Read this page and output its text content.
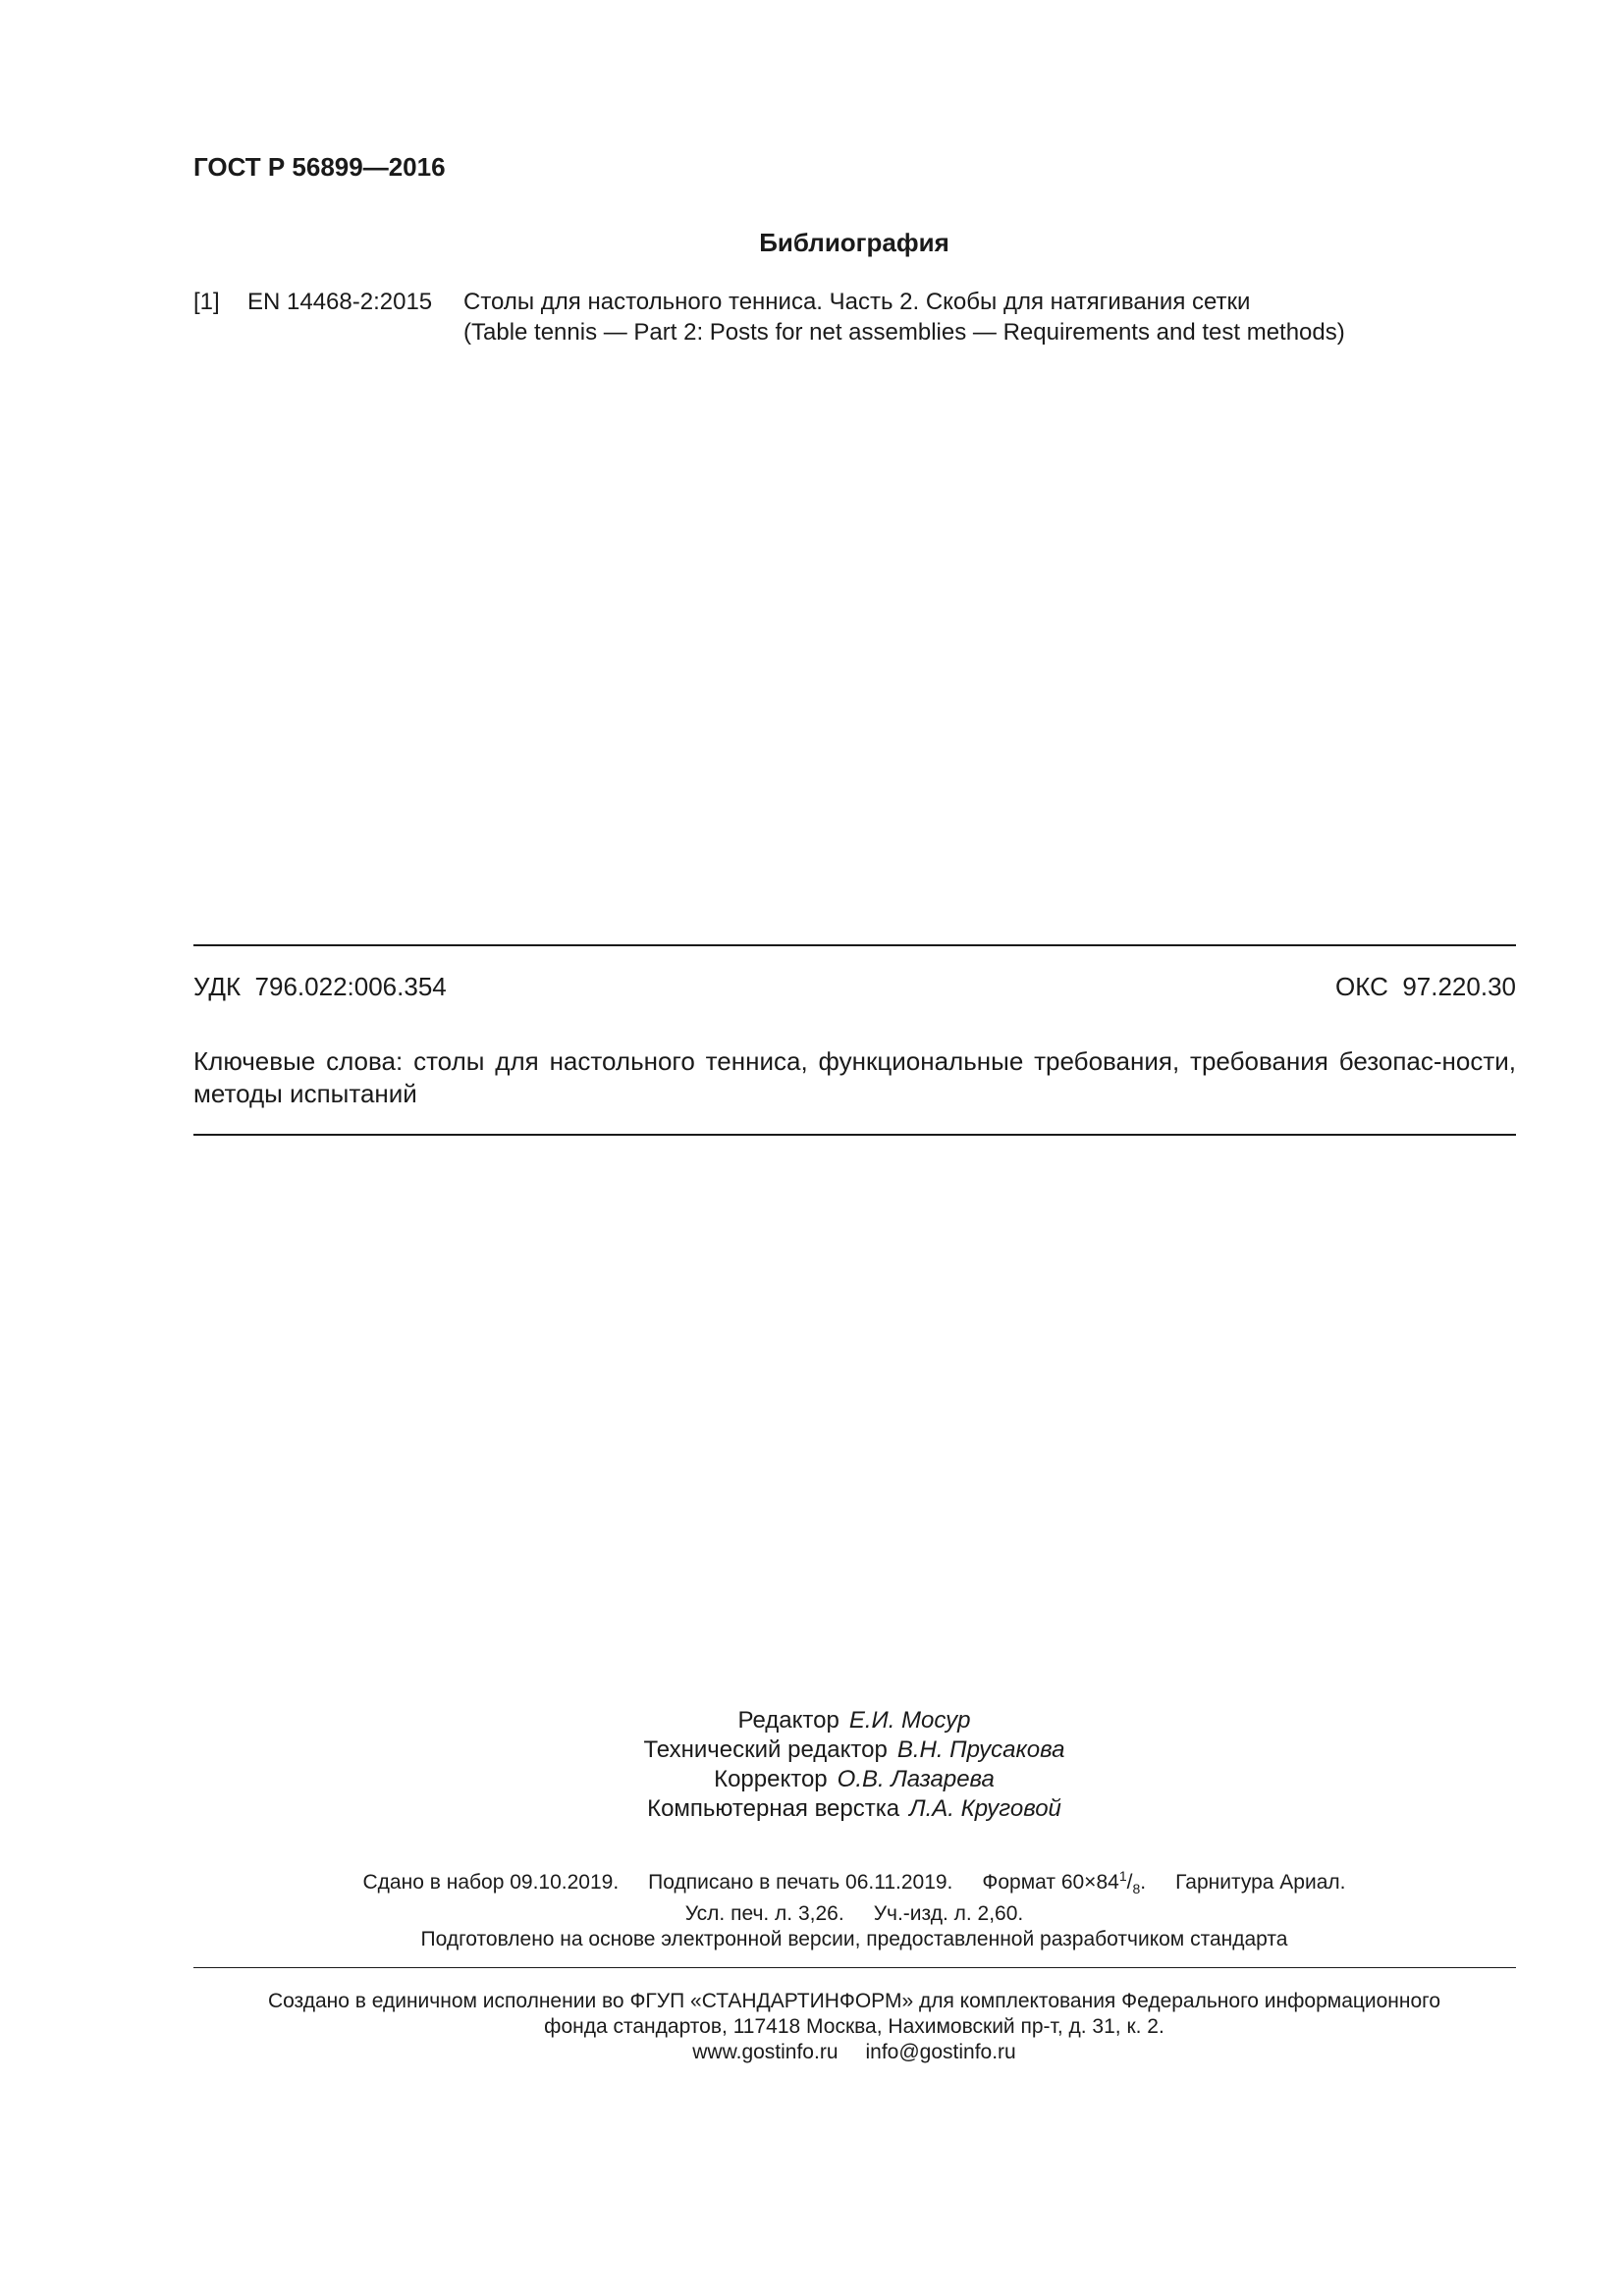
ГОСТ Р 56899—2016
Библиография
[1] EN 14468-2:2015 Столы для настольного тенниса. Часть 2. Скобы для натягивания сетки
(Table tennis — Part 2: Posts for net assemblies — Requirements and test methods)
УДК  796.022:006.354	ОКС  97.220.30
Ключевые слова: столы для настольного тенниса, функциональные требования, требования безопас-ности, методы испытаний
Редактор Е.И. Мосур
Технический редактор В.Н. Прусакова
Корректор О.В. Лазарева
Компьютерная верстка Л.А. Круговой
Сдано в набор 09.10.2019. Подписано в печать 06.11.2019. Формат $60\times 84^1/_8$. Гарнитура Ариал.
Усл. печ. л. 3,26. Уч.-изд. л. 2,60.
Подготовлено на основе электронной версии, предоставленной разработчиком стандарта
Создано в единичном исполнении во ФГУП «СТАНДАРТИНФОРМ» для комплектования Федерального информационного
фонда стандартов, 117418 Москва, Нахимовский пр-т, д. 31, к. 2.
www.gostinfo.ru info@gostinfo.ru
